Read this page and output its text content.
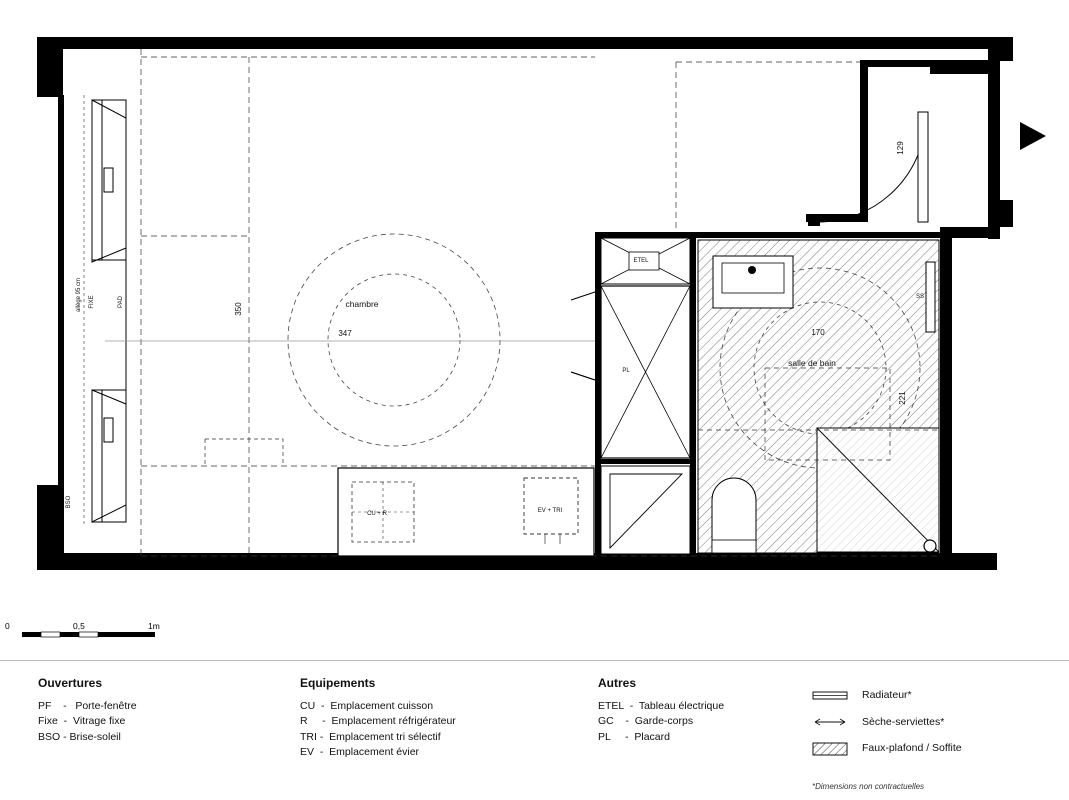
chambre
salle de bain
350
347	170
221
129
allège 95 cm FIXE	PAD
BSO
ETEL
PL
CU + R	EV + TRI
SS
0	0,5	1m
Ouvertures
PF    -   Porte-fenêtre
Fixe  -  Vitrage fixe
BSO - Brise-soleil
Equipements
CU  -  Emplacement cuisson
R     -  Emplacement réfrigérateur
TRI -  Emplacement tri sélectif
EV  -  Emplacement évier
Autres
ETEL  -  Tableau électrique
GC    -  Garde-corps
PL     -  Placard
Radiateur*
Sèche-serviettes*
Faux-plafond / Soffite
*Dimensions non contractuelles
